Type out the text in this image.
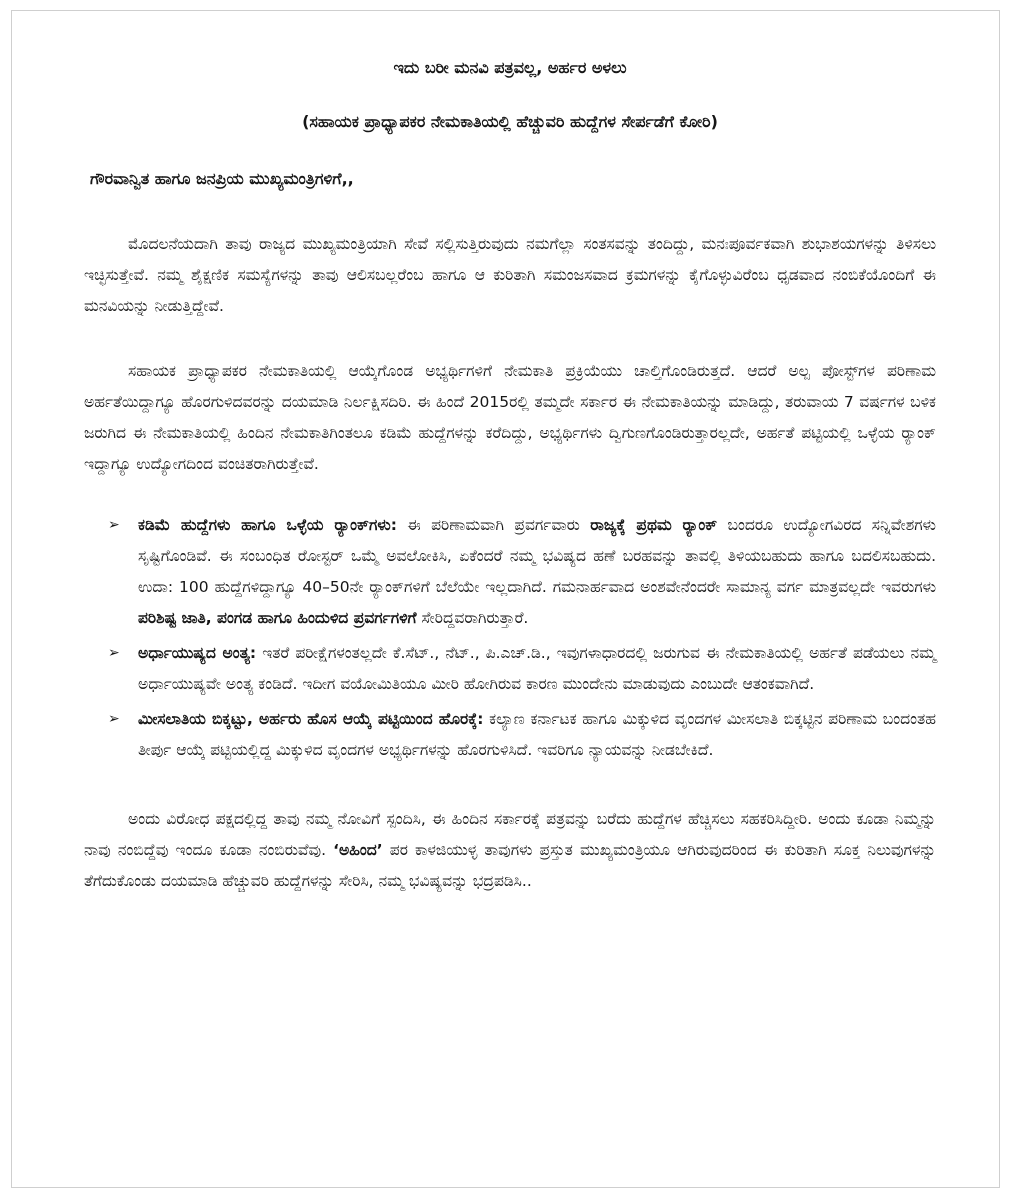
ಇದು ಬರೀ ಮನವಿ ಪತ್ರವಲ್ಲ, ಅರ್ಹರ ಅಳಲು

(ಸಹಾಯಕ ಪ್ರಾಧ್ಯಾಪಕರ ನೇಮಕಾತಿಯಲ್ಲಿ ಹೆಚ್ಚುವರಿ ಹುದ್ದೆಗಳ ಸೇರ್ಪಡೆಗೆ ಕೋರಿ)

ಗೌರವಾನ್ವಿತ ಹಾಗೂ ಜನಪ್ರಿಯ ಮುಖ್ಯಮಂತ್ರಿಗಳಿಗೆ,,

ಮೊದಲನೆಯದಾಗಿ ತಾವು ರಾಜ್ಯದ ಮುಖ್ಯಮಂತ್ರಿಯಾಗಿ ಸೇವೆ ಸಲ್ಲಿಸುತ್ತಿರುವುದು ನಮಗೆಲ್ಲಾ ಸಂತಸವನ್ನು ತಂದಿದ್ದು, ಮನಃಪೂರ್ವಕವಾಗಿ ಶುಭಾಶಯಗಳನ್ನು ತಿಳಿಸಲು ಇಚ್ಛಿಸುತ್ತೇವೆ. ನಮ್ಮ ಶೈಕ್ಷಣಿಕ ಸಮಸ್ಯೆಗಳನ್ನು ತಾವು ಆಲಿಸಬಲ್ಲರೆಂಬ ಹಾಗೂ ಆ ಕುರಿತಾಗಿ ಸಮಂಜಸವಾದ ಕ್ರಮಗಳನ್ನು ಕೈಗೊಳ್ಳುವಿರೆಂಬ ಧೃಡವಾದ ನಂಬಿಕೆಯೊಂದಿಗೆ ಈ ಮನವಿಯನ್ನು ನೀಡುತ್ತಿದ್ದೇವೆ.

ಸಹಾಯಕ ಪ್ರಾಧ್ಯಾಪಕರ ನೇಮಕಾತಿಯಲ್ಲಿ ಆಯ್ಕೆಗೊಂಡ ಅಭ್ಯರ್ಥಿಗಳಿಗೆ ನೇಮಕಾತಿ ಪ್ರಕ್ರಿಯೆಯು ಚಾಲ್ತಿಗೊಂಡಿರುತ್ತದೆ. ಆದರೆ ಅಲ್ಪ ಪೋಸ್ಟ್‌ಗಳ ಪರಿಣಾಮ ಅರ್ಹತೆಯಿದ್ದಾಗ್ಯೂ ಹೊರಗುಳಿದವರನ್ನು ದಯಮಾಡಿ ನಿರ್ಲಕ್ಷಿಸದಿರಿ. ಈ ಹಿಂದೆ 2015ರಲ್ಲಿ ತಮ್ಮದೇ ಸರ್ಕಾರ ಈ ನೇಮಕಾತಿಯನ್ನು ಮಾಡಿದ್ದು, ತರುವಾಯ 7 ವರ್ಷಗಳ ಬಳಿಕ ಜರುಗಿದ ಈ ನೇಮಕಾತಿಯಲ್ಲಿ ಹಿಂದಿನ ನೇಮಕಾತಿಗಿಂತಲೂ ಕಡಿಮೆ ಹುದ್ದೆಗಳನ್ನು ಕರೆದಿದ್ದು, ಅಭ್ಯರ್ಥಿಗಳು ದ್ವಿಗುಣಗೊಂಡಿರುತ್ತಾರಲ್ಲದೇ, ಅರ್ಹತೆ ಪಟ್ಟಿಯಲ್ಲಿ ಒಳ್ಳೆಯ ರ್‍ಯಾಂಕ್ ಇದ್ದಾಗ್ಯೂ ಉದ್ಯೋಗದಿಂದ ವಂಚಿತರಾಗಿರುತ್ತೇವೆ.

➢ ಕಡಿಮೆ ಹುದ್ದೆಗಳು ಹಾಗೂ ಒಳ್ಳೆಯ ರ್‍ಯಾಂಕ್‌ಗಳು: ಈ ಪರಿಣಾಮವಾಗಿ ಪ್ರವರ್ಗವಾರು ರಾಜ್ಯಕ್ಕೆ ಪ್ರಥಮ ರ್‍ಯಾಂಕ್ ಬಂದರೂ ಉದ್ಯೋಗವಿರದ ಸನ್ನಿವೇಶಗಳು ಸೃಷ್ಟಿಗೊಂಡಿವೆ. ಈ ಸಂಬಂಧಿತ ರೋಸ್ಟರ್ ಒಮ್ಮೆ ಅವಲೋಕಿಸಿ, ಏಕೆಂದರೆ ನಮ್ಮ ಭವಿಷ್ಯದ ಹಣೆ ಬರಹವನ್ನು ತಾವಲ್ಲಿ ತಿಳಿಯಬಹುದು ಹಾಗೂ ಬದಲಿಸಬಹುದು. ಉದಾ: 100 ಹುದ್ದೆಗಳಿದ್ದಾಗ್ಯೂ 40–50ನೇ ರ್‍ಯಾಂಕ್‌ಗಳಿಗೆ ಬೆಲೆಯೇ ಇಲ್ಲದಾಗಿದೆ. ಗಮನಾರ್ಹವಾದ ಅಂಶವೇನೆಂದರೇ ಸಾಮಾನ್ಯ ವರ್ಗ ಮಾತ್ರವಲ್ಲದೇ ಇವರುಗಳು ಪರಿಶಿಷ್ಟ ಜಾತಿ, ಪಂಗಡ ಹಾಗೂ ಹಿಂದುಳಿದ ಪ್ರವರ್ಗಗಳಿಗೆ ಸೇರಿದ್ದವರಾಗಿರುತ್ತಾರೆ.
➢ ಅರ್ಧಾಯುಷ್ಯದ ಅಂತ್ಯ: ಇತರೆ ಪರೀಕ್ಷೆಗಳಂತಲ್ಲದೇ ಕೆ.ಸೆಟ್., ನೆಟ್., ಪಿ.ಎಚ್.ಡಿ., ಇವುಗಳಾಧಾರದಲ್ಲಿ ಜರುಗುವ ಈ ನೇಮಕಾತಿಯಲ್ಲಿ ಅರ್ಹತೆ ಪಡೆಯಲು ನಮ್ಮ ಅರ್ಧಾಯುಷ್ಯವೇ ಅಂತ್ಯ ಕಂಡಿದೆ. ಇದೀಗ ವಯೋಮಿತಿಯೂ ಮೀರಿ ಹೋಗಿರುವ ಕಾರಣ ಮುಂದೇನು ಮಾಡುವುದು ಎಂಬುದೇ ಆತಂಕವಾಗಿದೆ.
➢ ಮೀಸಲಾತಿಯ ಬಿಕ್ಕಟ್ಟು, ಅರ್ಹರು ಹೊಸ ಆಯ್ಕೆ ಪಟ್ಟಿಯಿಂದ ಹೊರಕ್ಕೆ: ಕಲ್ಯಾಣ ಕರ್ನಾಟಕ ಹಾಗೂ ಮಿಕ್ಕುಳಿದ ವೃಂದಗಳ ಮೀಸಲಾತಿ ಬಿಕ್ಕಟ್ಟಿನ ಪರಿಣಾಮ ಬಂದಂತಹ ತೀರ್ಪು ಆಯ್ಕೆ ಪಟ್ಟಿಯಲ್ಲಿದ್ದ ಮಿಕ್ಕುಳಿದ ವೃಂದಗಳ ಅಭ್ಯರ್ಥಿಗಳನ್ನು ಹೊರಗುಳಿಸಿದೆ. ಇವರಿಗೂ ನ್ಯಾಯವನ್ನು ನೀಡಬೇಕಿದೆ.

ಅಂದು ವಿರೋಧ ಪಕ್ಷದಲ್ಲಿದ್ದ ತಾವು ನಮ್ಮ ನೋವಿಗೆ ಸ್ಪಂದಿಸಿ, ಈ ಹಿಂದಿನ ಸರ್ಕಾರಕ್ಕೆ ಪತ್ರವನ್ನು ಬರೆದು ಹುದ್ದೆಗಳ ಹೆಚ್ಚಿಸಲು ಸಹಕರಿಸಿದ್ದೀರಿ. ಅಂದು ಕೂಡಾ ನಿಮ್ಮನ್ನು ನಾವು ನಂಬಿದ್ದೆವು ಇಂದೂ ಕೂಡಾ ನಂಬಿರುವೆವು. ‘ಅಹಿಂದ’ ಪರ ಕಾಳಜಿಯುಳ್ಳ ತಾವುಗಳು ಪ್ರಸ್ತುತ ಮುಖ್ಯಮಂತ್ರಿಯೂ ಆಗಿರುವುದರಿಂದ ಈ ಕುರಿತಾಗಿ ಸೂಕ್ತ ನಿಲುವುಗಳನ್ನು ತೆಗೆದುಕೊಂಡು ದಯಮಾಡಿ ಹೆಚ್ಚುವರಿ ಹುದ್ದೆಗಳನ್ನು ಸೇರಿಸಿ, ನಮ್ಮ ಭವಿಷ್ಯವನ್ನು ಭದ್ರಪಡಿಸಿ..
